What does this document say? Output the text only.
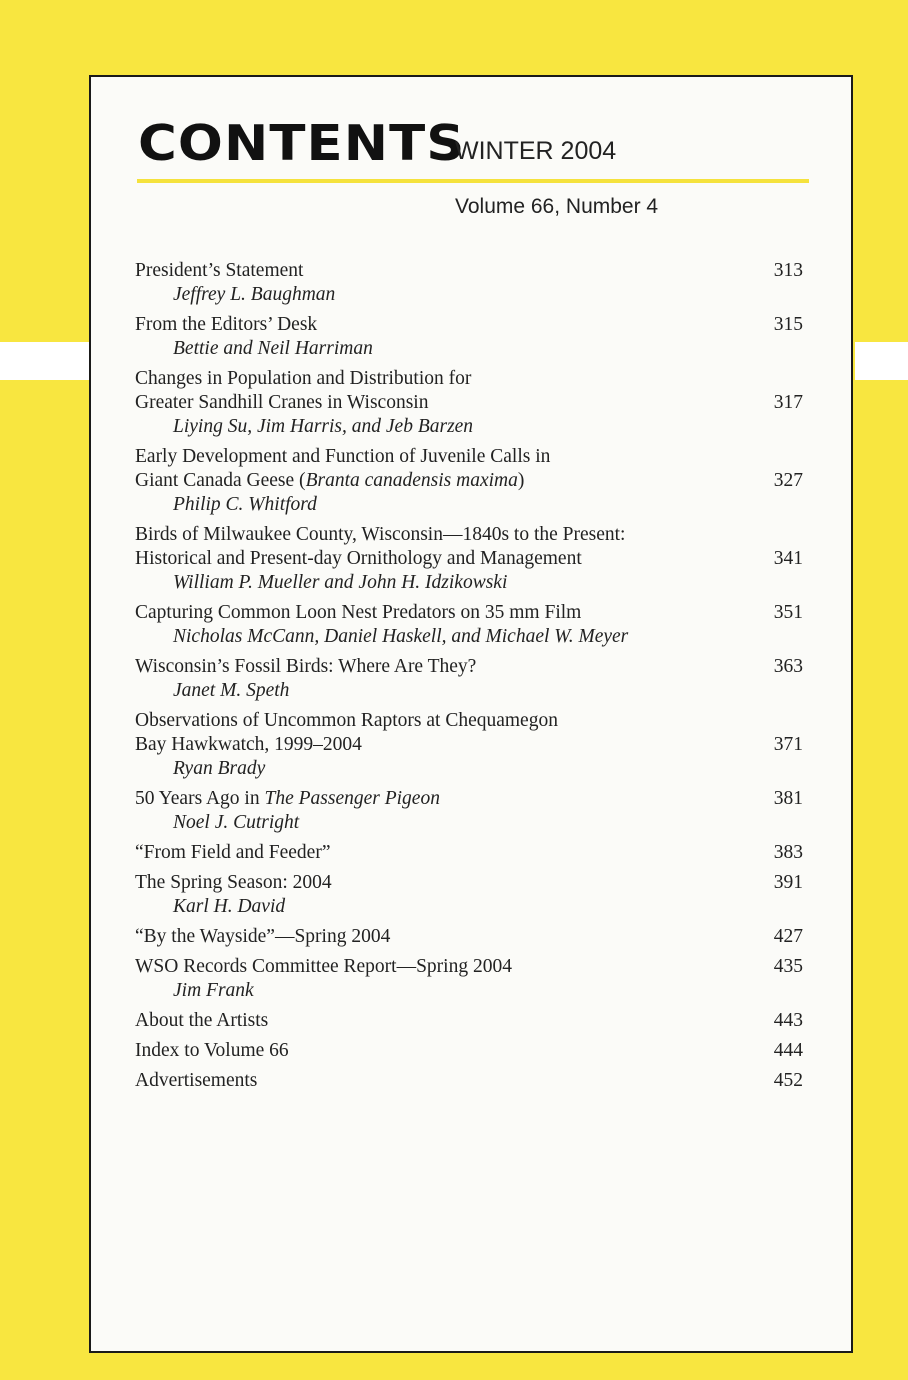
CONTENTS
WINTER 2004
Volume 66, Number 4
President’s Statement	313
Jeffrey L. Baughman
From the Editors’ Desk	315
Bettie and Neil Harriman
Changes in Population and Distribution for
Greater Sandhill Cranes in Wisconsin	317
Liying Su, Jim Harris, and Jeb Barzen
Early Development and Function of Juvenile Calls in
Giant Canada Geese (Branta canadensis maxima)	327
Philip C. Whitford
Birds of Milwaukee County, Wisconsin—1840s to the Present:
Historical and Present-day Ornithology and Management	341
William P. Mueller and John H. Idzikowski
Capturing Common Loon Nest Predators on 35 mm Film	351
Nicholas McCann, Daniel Haskell, and Michael W. Meyer
Wisconsin’s Fossil Birds: Where Are They?	363
Janet M. Speth
Observations of Uncommon Raptors at Chequamegon
Bay Hawkwatch, 1999–2004	371
Ryan Brady
50 Years Ago in The Passenger Pigeon	381
Noel J. Cutright
“From Field and Feeder”	383
The Spring Season: 2004	391
Karl H. David
“By the Wayside”—Spring 2004	427
WSO Records Committee Report—Spring 2004	435
Jim Frank
About the Artists	443
Index to Volume 66	444
Advertisements	452
